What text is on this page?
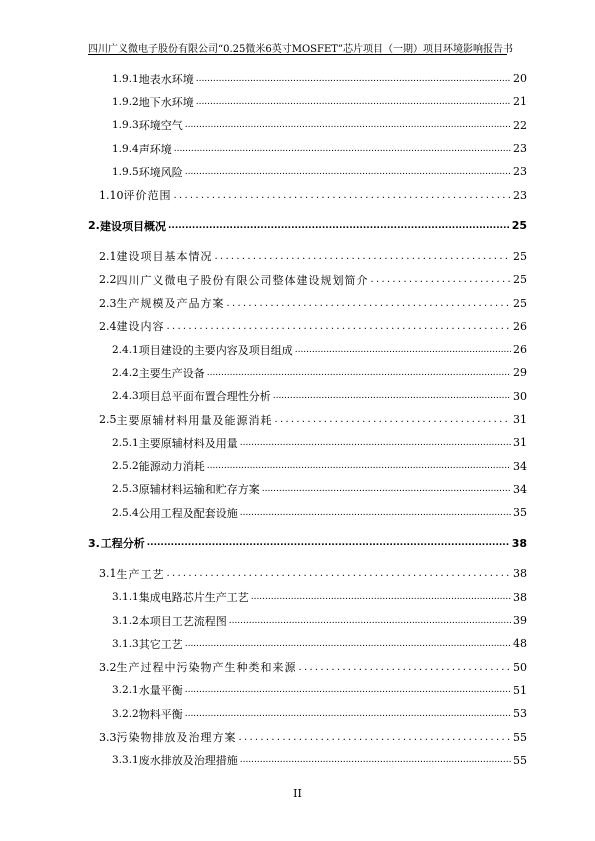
四川广义微电子股份有限公司“0.25微米6英寸MOSFET”芯片项目（一期）项目环境影响报告书
1.9.1 地表水环境 .....	20
1.9.2 地下水环境 .....	21
1.9.3 环境空气 .....	22
1.9.4 声环境 .....	23
1.9.5 环境风险 .....	23
1.10 评价范围 .....	23
2. 建设项目概况 .....	25
2.1 建设项目基本情况 .....	25
2.2 四川广义微电子股份有限公司整体建设规划简介 .....	25
2.3 生产规模及产品方案 .....	25
2.4 建设内容 .....	26
2.4.1 项目建设的主要内容及项目组成 .....	26
2.4.2 主要生产设备 .....	29
2.4.3 项目总平面布置合理性分析 .....	30
2.5 主要原辅材料用量及能源消耗 .....	31
2.5.1 主要原辅材料及用量 .....	31
2.5.2 能源动力消耗 .....	34
2.5.3 原辅材料运输和贮存方案 .....	34
2.5.4 公用工程及配套设施 .....	35
3. 工程分析 .....	38
3.1 生产工艺 .....	38
3.1.1 集成电路芯片生产工艺 .....	38
3.1.2 本项目工艺流程图 .....	39
3.1.3 其它工艺 .....	48
3.2 生产过程中污染物产生种类和来源 .....	50
3.2.1 水量平衡 .....	51
3.2.2 物料平衡 .....	53
3.3 污染物排放及治理方案 .....	55
3.3.1 废水排放及治理措施 .....	55
II
